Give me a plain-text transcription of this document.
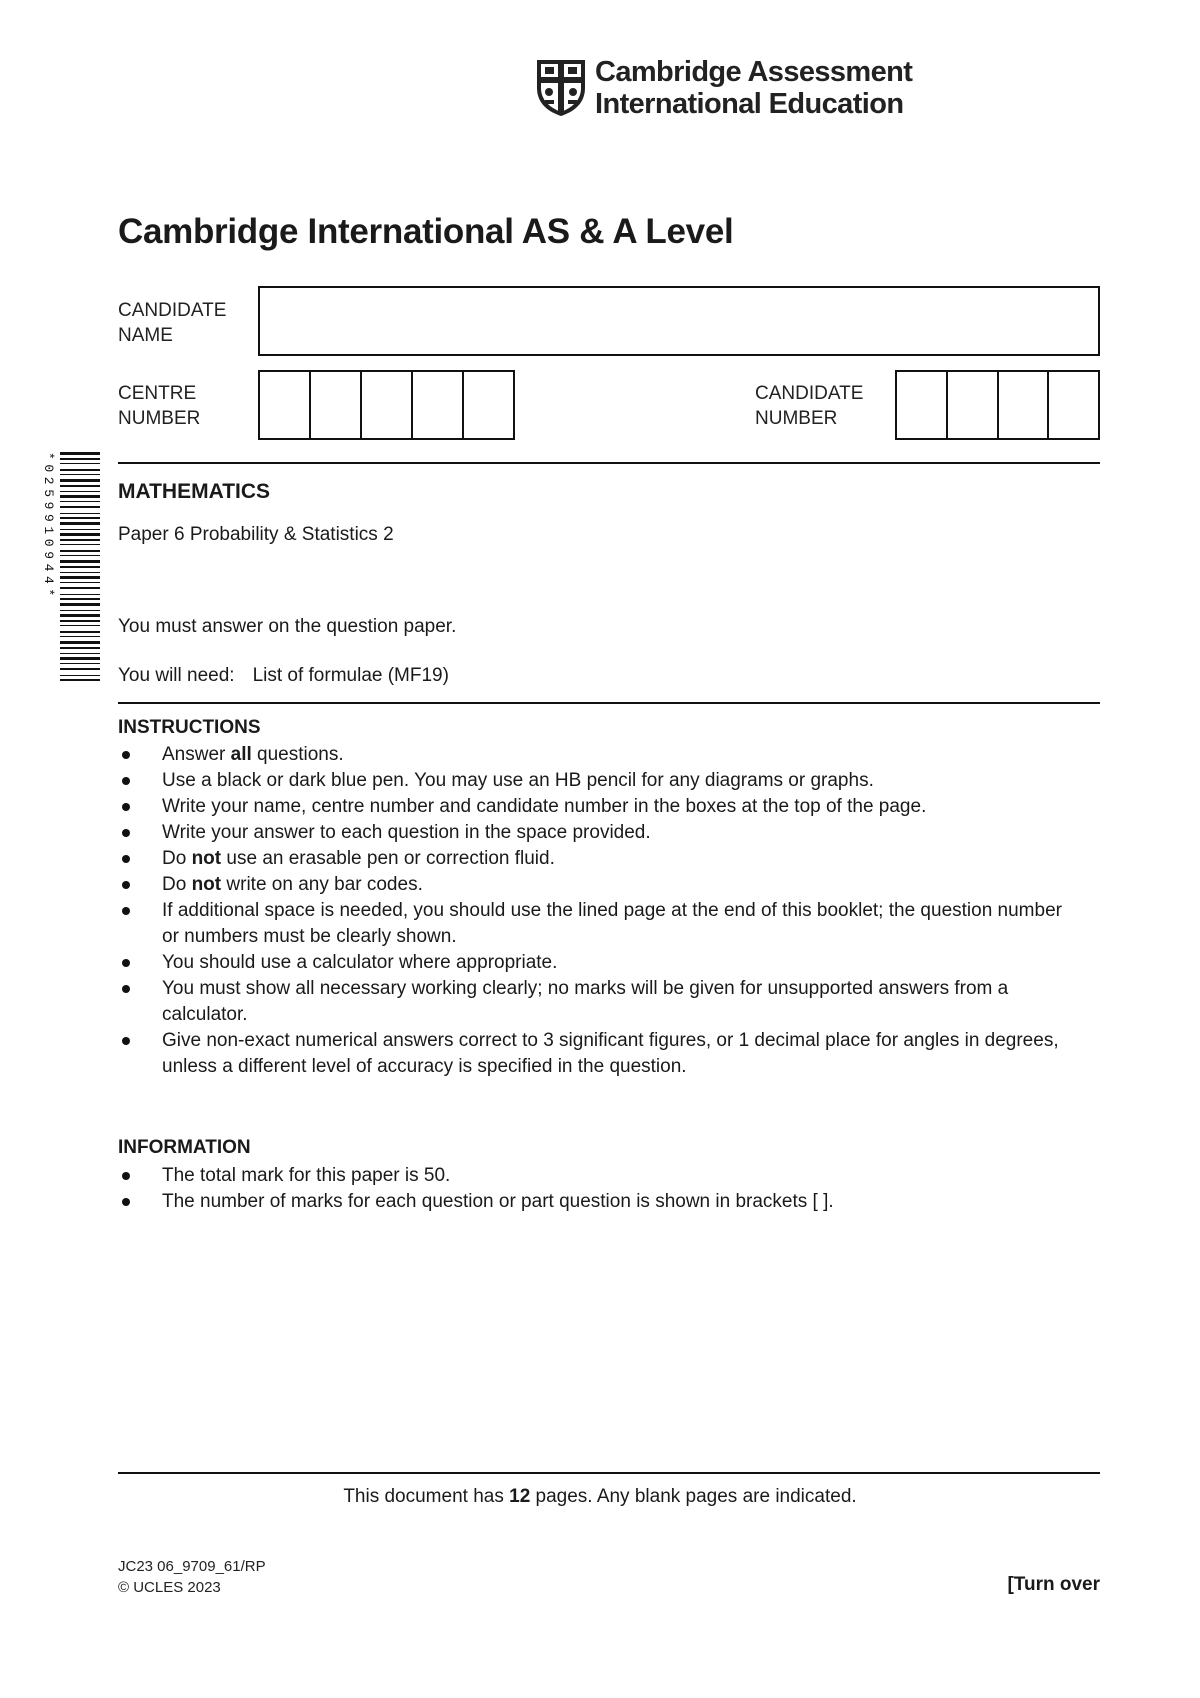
Cambridge Assessment
International Education
Cambridge International AS & A Level
CANDIDATE
NAME
CENTRE
NUMBER
CANDIDATE
NUMBER
*0259910944*	MATHEMATICS
Paper 6 Probability & Statistics 2
You must answer on the question paper.
You will need: List of formulae (MF19)
INSTRUCTIONS
Answer all questions.
Use a black or dark blue pen. You may use an HB pencil for any diagrams or graphs.
Write your name, centre number and candidate number in the boxes at the top of the page.
Write your answer to each question in the space provided.
Do not use an erasable pen or correction fluid.
Do not write on any bar codes.
If additional space is needed, you should use the lined page at the end of this booklet; the question number or numbers must be clearly shown.
You should use a calculator where appropriate.
You must show all necessary working clearly; no marks will be given for unsupported answers from a calculator.
Give non-exact numerical answers correct to 3 significant figures, or 1 decimal place for angles in degrees, unless a different level of accuracy is specified in the question.
INFORMATION
The total mark for this paper is 50.
The number of marks for each question or part question is shown in brackets [ ].
This document has 12 pages. Any blank pages are indicated.
JC23 06_9709_61/RP
© UCLES 2023	[Turn over
